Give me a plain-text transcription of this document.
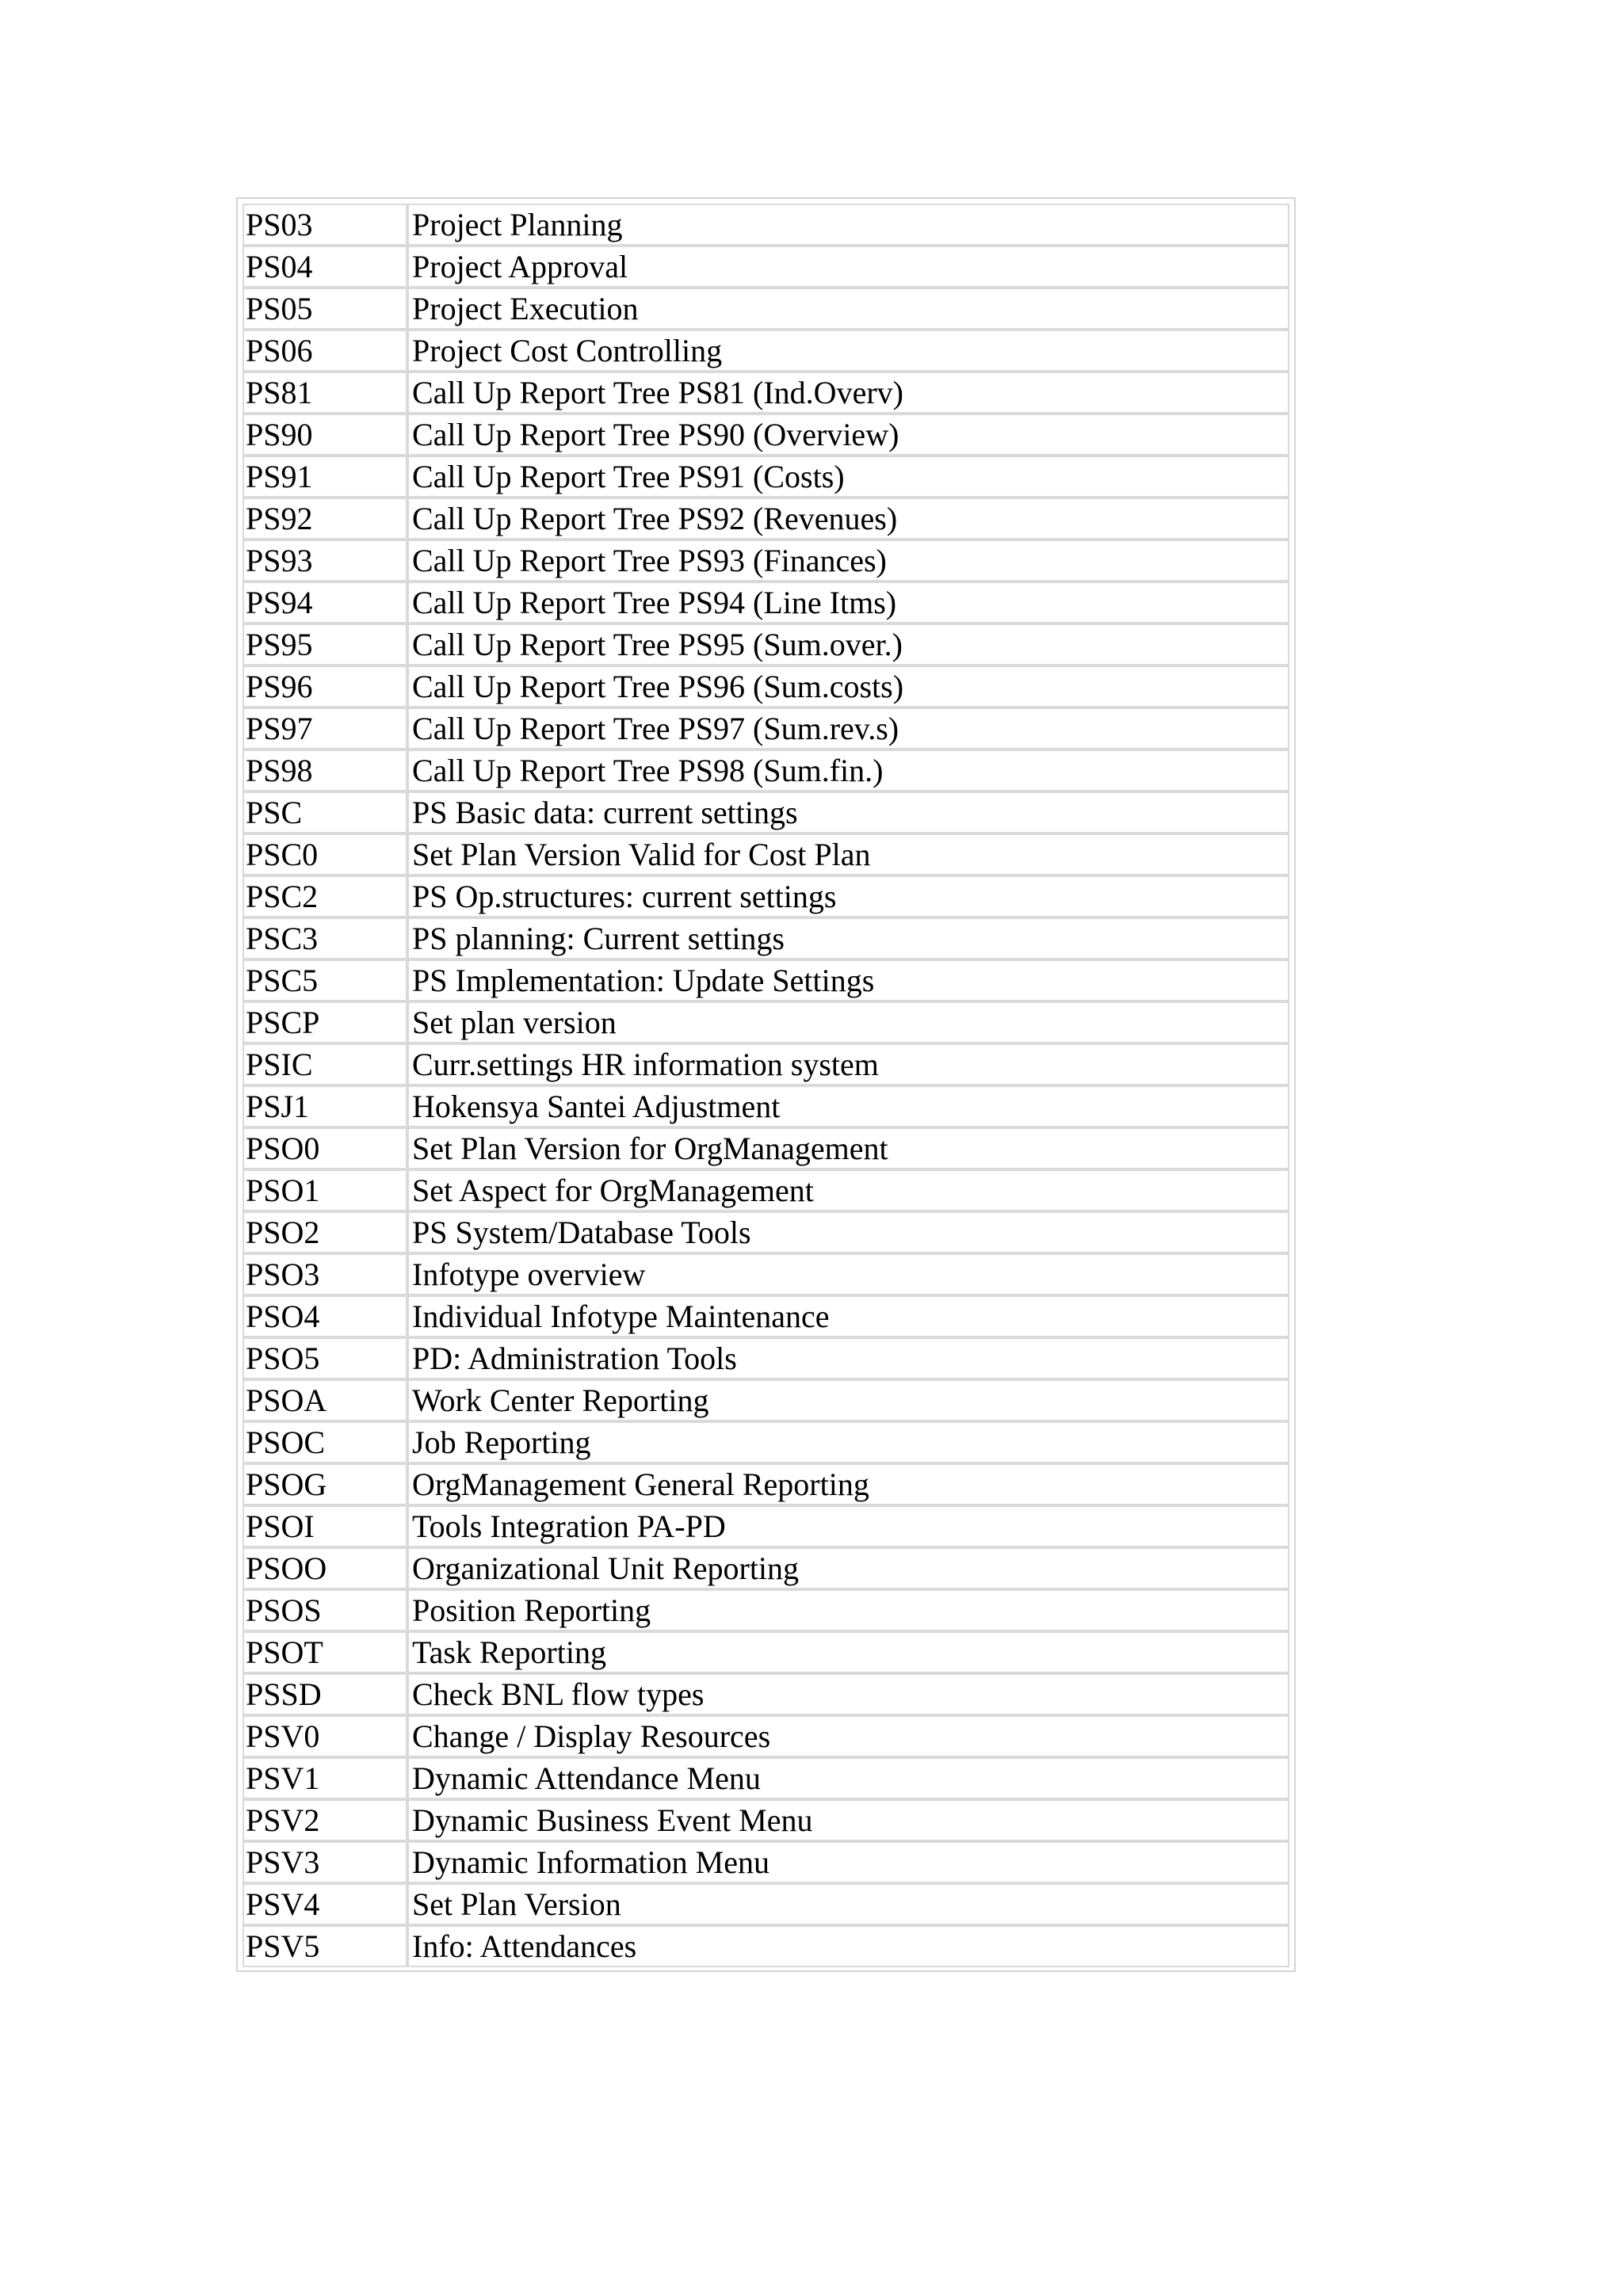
PS03	Project Planning
PS04	Project Approval
PS05	Project Execution
PS06	Project Cost Controlling
PS81	Call Up Report Tree PS81 (Ind.Overv)
PS90	Call Up Report Tree PS90 (Overview)
PS91	Call Up Report Tree PS91 (Costs)
PS92	Call Up Report Tree PS92 (Revenues)
PS93	Call Up Report Tree PS93 (Finances)
PS94	Call Up Report Tree PS94 (Line Itms)
PS95	Call Up Report Tree PS95 (Sum.over.)
PS96	Call Up Report Tree PS96 (Sum.costs)
PS97	Call Up Report Tree PS97 (Sum.rev.s)
PS98	Call Up Report Tree PS98 (Sum.fin.)
PSC	PS Basic data: current settings
PSC0	Set Plan Version Valid for Cost Plan
PSC2	PS Op.structures: current settings
PSC3	PS planning: Current settings
PSC5	PS Implementation: Update Settings
PSCP	Set plan version
PSIC	Curr.settings HR information system
PSJ1	Hokensya Santei Adjustment
PSO0	Set Plan Version for OrgManagement
PSO1	Set Aspect for OrgManagement
PSO2	PS System/Database Tools
PSO3	Infotype overview
PSO4	Individual Infotype Maintenance
PSO5	PD: Administration Tools
PSOA	Work Center Reporting
PSOC	Job Reporting
PSOG	OrgManagement General Reporting
PSOI	Tools Integration PA-PD
PSOO	Organizational Unit Reporting
PSOS	Position Reporting
PSOT	Task Reporting
PSSD	Check BNL flow types
PSV0	Change / Display Resources
PSV1	Dynamic Attendance Menu
PSV2	Dynamic Business Event Menu
PSV3	Dynamic Information Menu
PSV4	Set Plan Version
PSV5	Info: Attendances
